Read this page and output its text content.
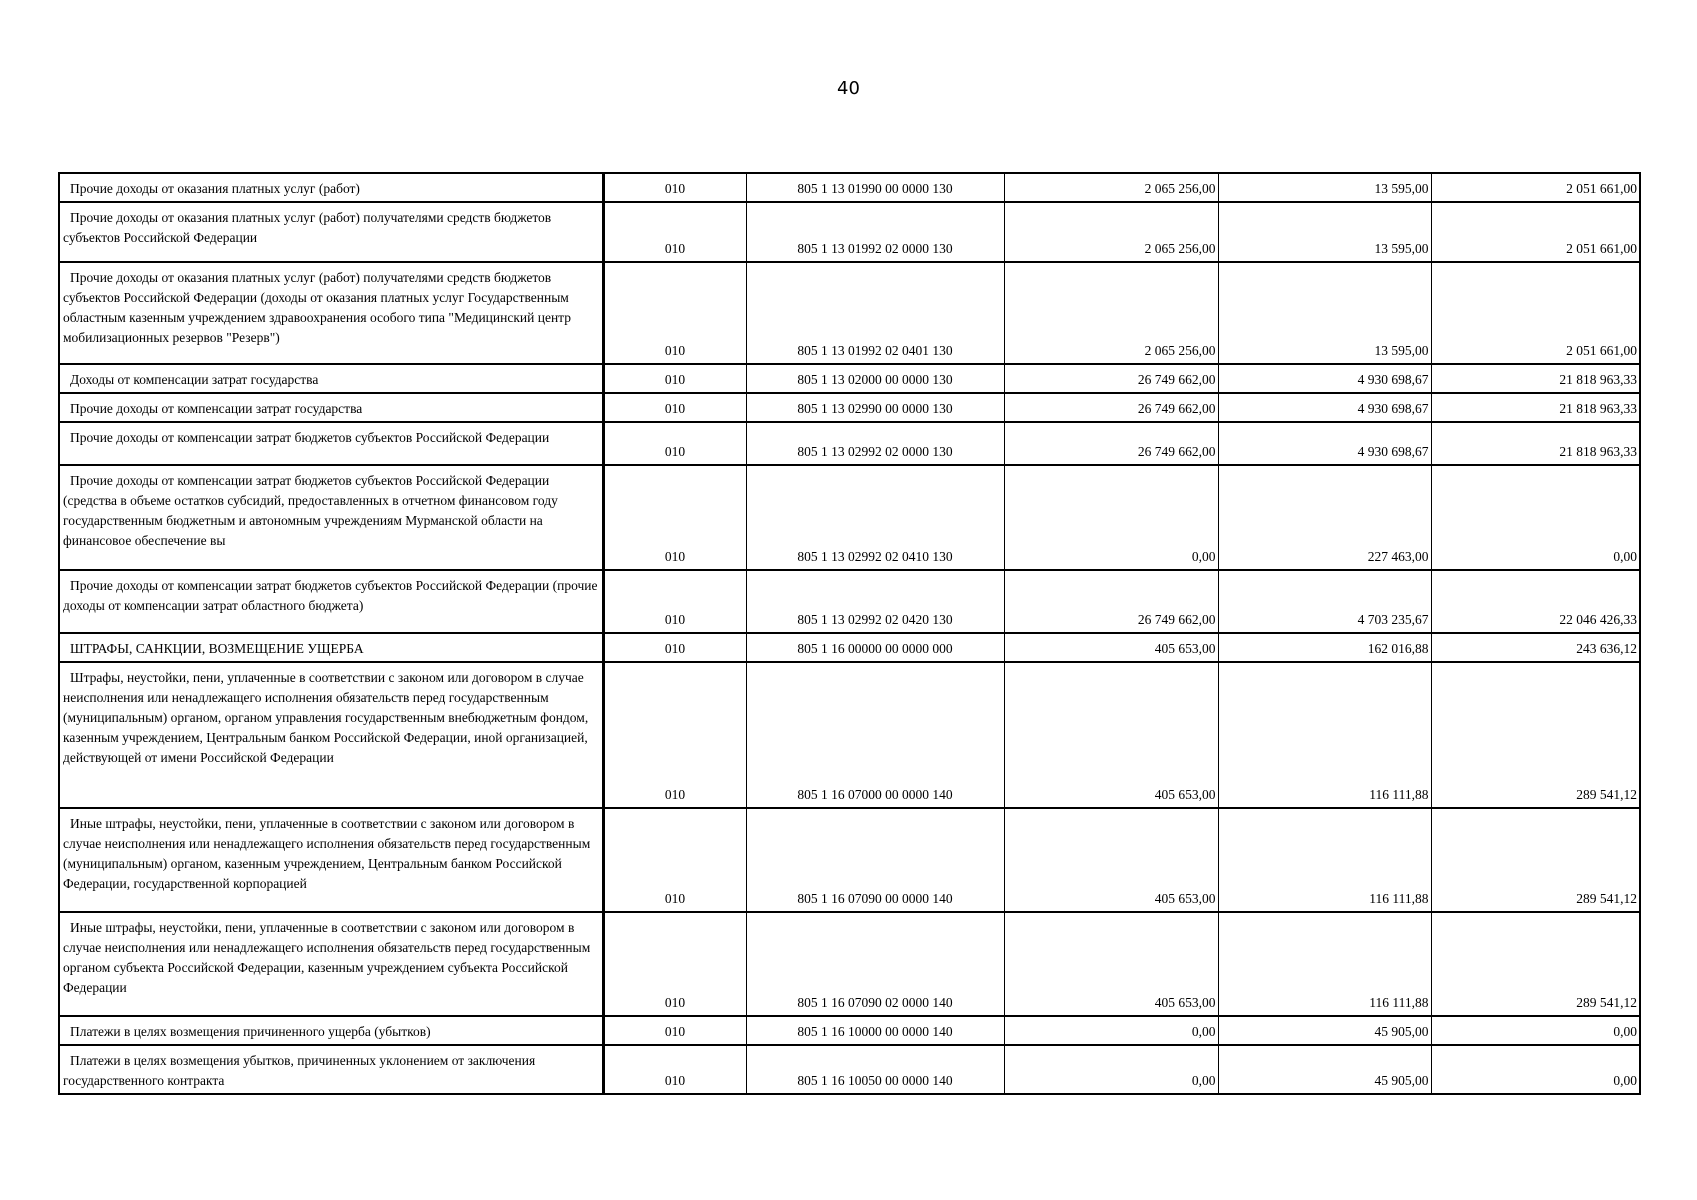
40
Прочие доходы от оказания платных услуг (работ)	010	805 1 13 01990 00 0000 130	2 065 256,00	13 595,00	2 051 661,00

Прочие доходы от оказания платных услуг (работ) получателями средств бюджетов субъектов Российской Федерации	010	805 1 13 01992 02 0000 130	2 065 256,00	13 595,00	2 051 661,00

Прочие доходы от оказания платных услуг (работ) получателями средств бюджетов субъектов Российской Федерации (доходы от оказания платных услуг Государственным областным казенным учреждением здравоохранения особого типа "Медицинский центр мобилизационных резервов "Резерв")	010	805 1 13 01992 02 0401 130	2 065 256,00	13 595,00	2 051 661,00

Доходы от компенсации затрат государства	010	805 1 13 02000 00 0000 130	26 749 662,00	4 930 698,67	21 818 963,33

Прочие доходы от компенсации затрат государства	010	805 1 13 02990 00 0000 130	26 749 662,00	4 930 698,67	21 818 963,33

Прочие доходы от компенсации затрат бюджетов субъектов Российской Федерации	010	805 1 13 02992 02 0000 130	26 749 662,00	4 930 698,67	21 818 963,33

Прочие доходы от компенсации затрат бюджетов субъектов Российской Федерации (средства в объеме остатков субсидий, предоставленных в отчетном финансовом году государственным бюджетным и автономным учреждениям Мурманской области на финансовое обеспечение вы	010	805 1 13 02992 02 0410 130	0,00	227 463,00	0,00

Прочие доходы от компенсации затрат бюджетов субъектов Российской Федерации (прочие доходы от компенсации затрат областного бюджета)	010	805 1 13 02992 02 0420 130	26 749 662,00	4 703 235,67	22 046 426,33

ШТРАФЫ, САНКЦИИ, ВОЗМЕЩЕНИЕ УЩЕРБА	010	805 1 16 00000 00 0000 000	405 653,00	162 016,88	243 636,12

Штрафы, неустойки, пени, уплаченные в соответствии с законом или договором в случае неисполнения или ненадлежащего исполнения обязательств перед государственным (муниципальным) органом, органом управления государственным внебюджетным фондом, казенным учреждением, Центральным банком Российской Федерации, иной организацией, действующей от имени Российской Федерации	010	805 1 16 07000 00 0000 140	405 653,00	116 111,88	289 541,12

Иные штрафы, неустойки, пени, уплаченные в соответствии с законом или договором в случае неисполнения или ненадлежащего исполнения обязательств перед государственным (муниципальным) органом, казенным учреждением, Центральным банком Российской Федерации, государственной корпорацией	010	805 1 16 07090 00 0000 140	405 653,00	116 111,88	289 541,12

Иные штрафы, неустойки, пени, уплаченные в соответствии с законом или договором в случае неисполнения или ненадлежащего исполнения обязательств перед государственным органом субъекта Российской Федерации, казенным учреждением субъекта Российской Федерации	010	805 1 16 07090 02 0000 140	405 653,00	116 111,88	289 541,12

Платежи в целях возмещения причиненного ущерба (убытков)	010	805 1 16 10000 00 0000 140	0,00	45 905,00	0,00

Платежи в целях возмещения убытков, причиненных уклонением от заключения государственного контракта	010	805 1 16 10050 00 0000 140	0,00	45 905,00	0,00
